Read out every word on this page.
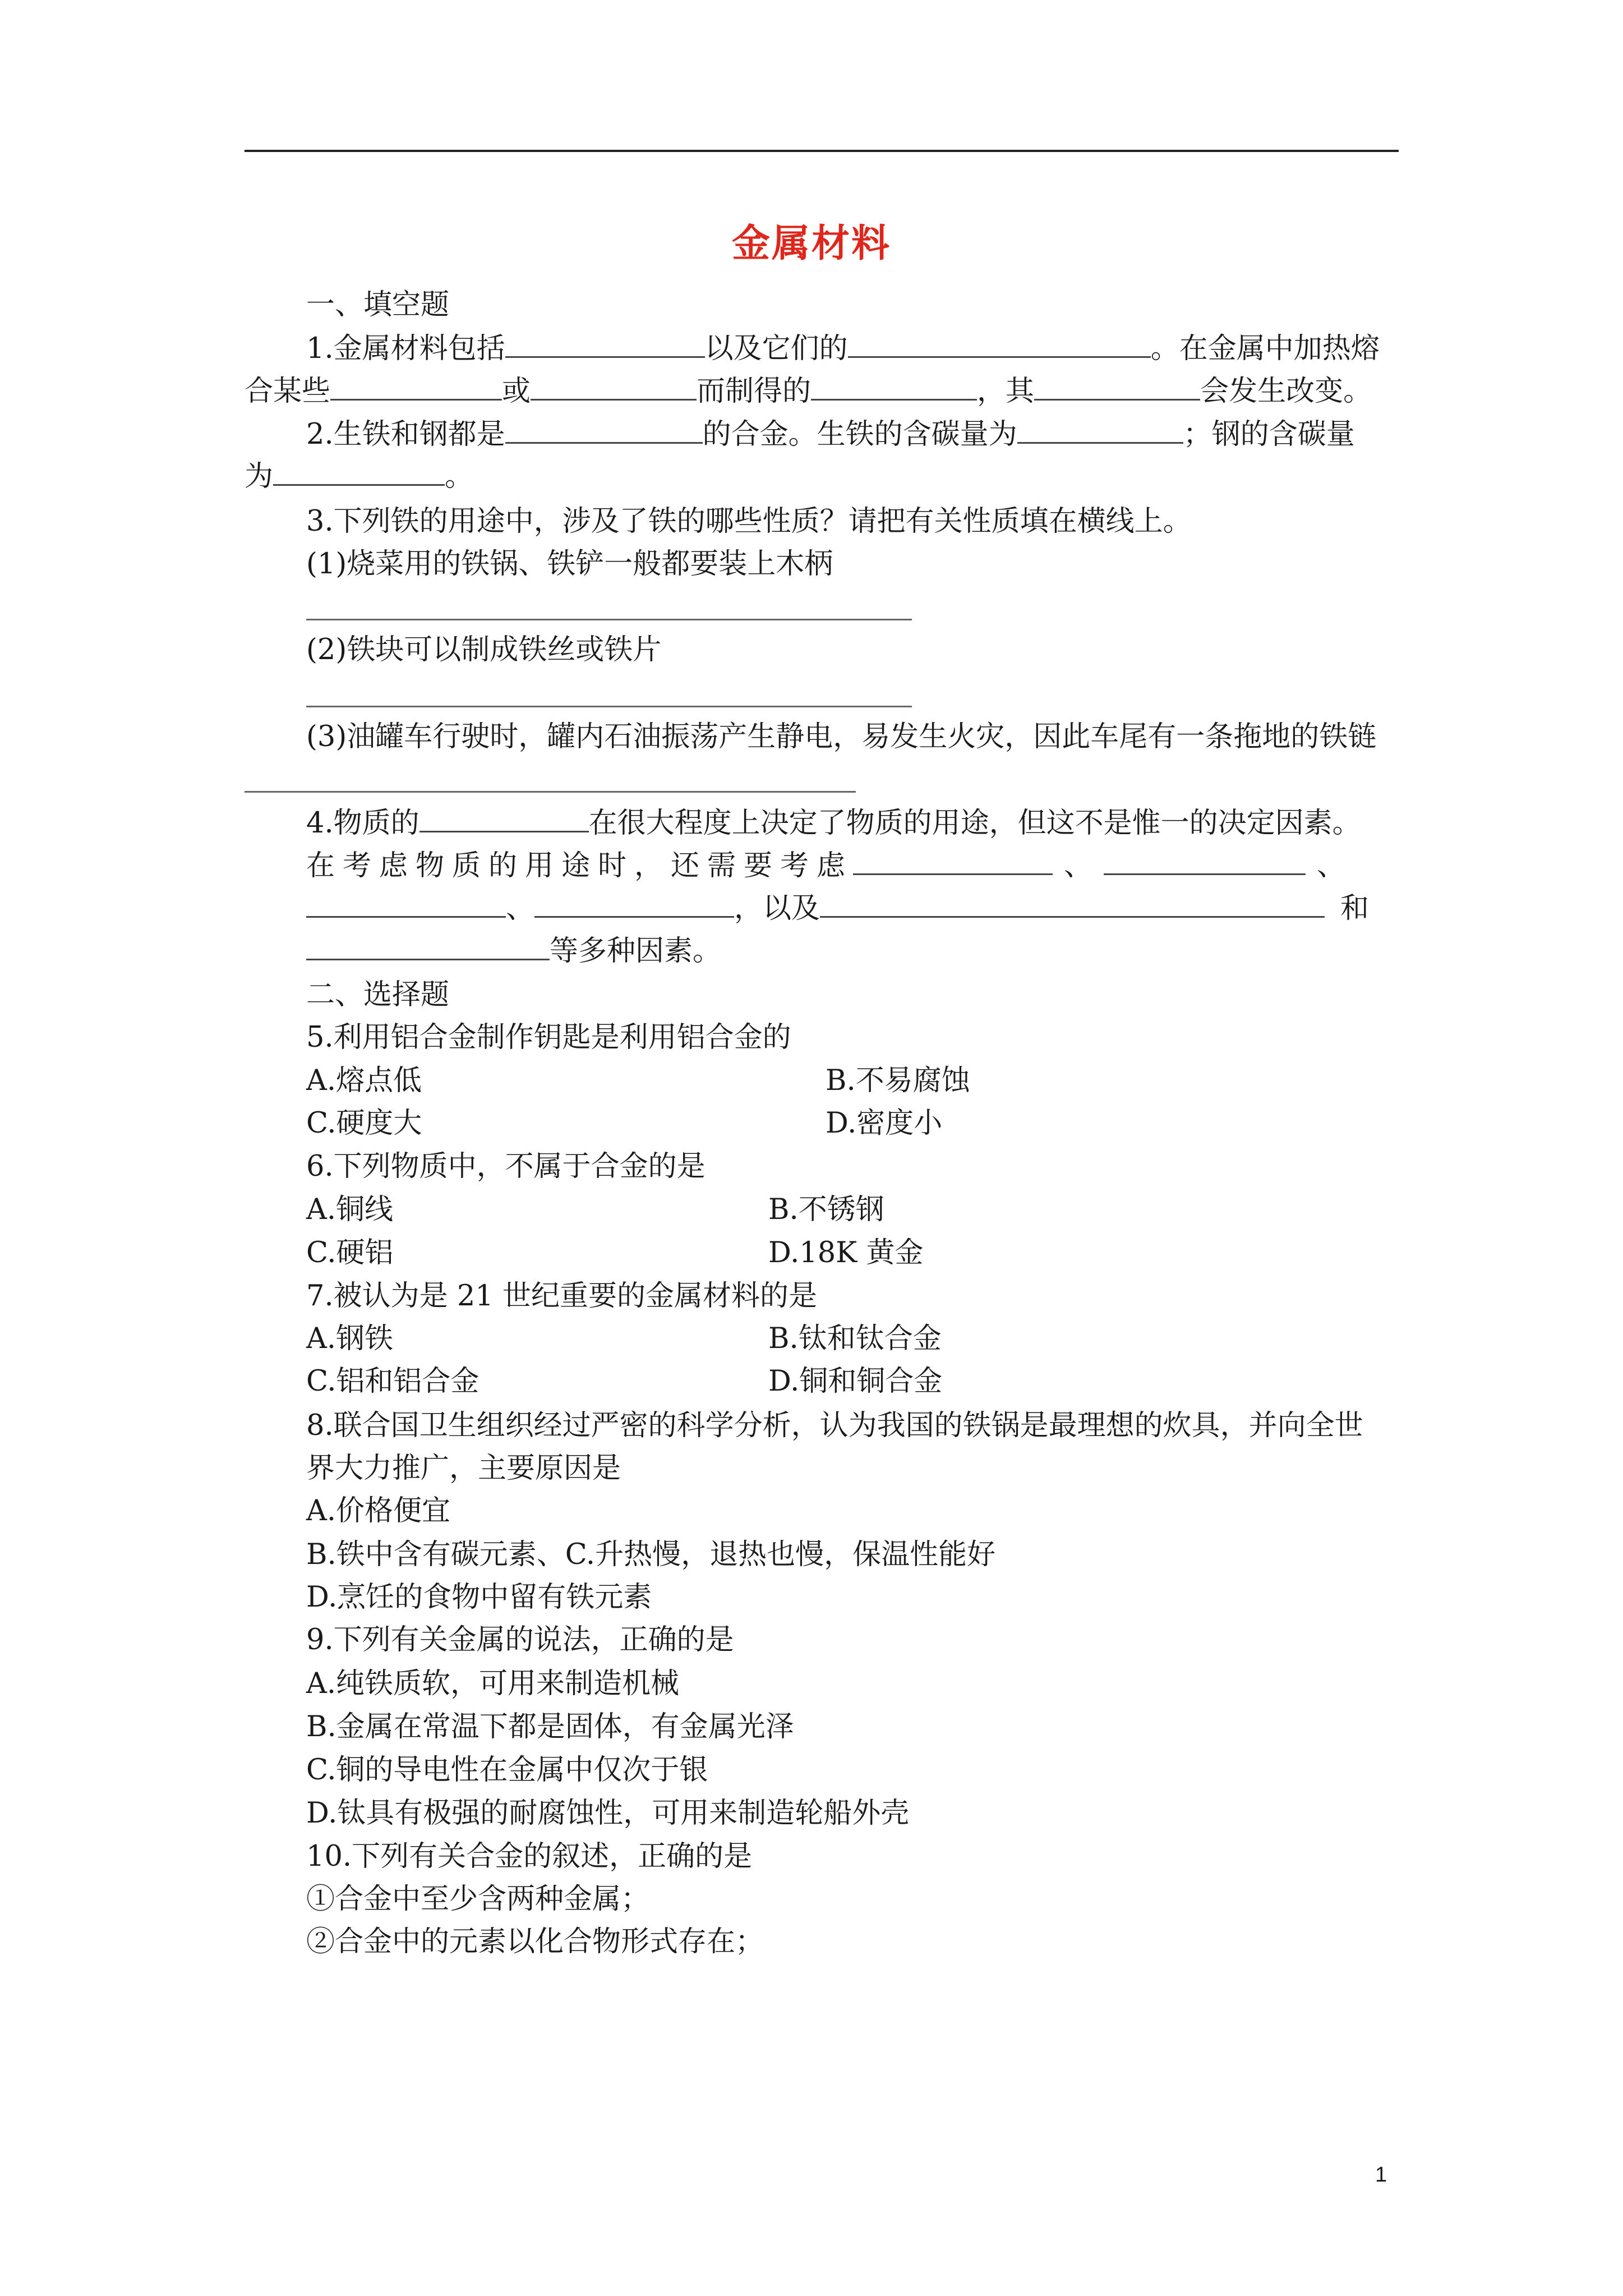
金属材料
一、填空题
1.金属材料包括	以及它们的	。在金属中加热熔
合某些	或	而制得的	，其	会发生改变。
2.生铁和钢都是	的合金。生铁的含碳量为	；钢的含碳量
为	。
3.下列铁的用途中，涉及了铁的哪些性质？请把有关性质填在横线上。
(1)烧菜用的铁锅、铁铲一般都要装上木柄
(2)铁块可以制成铁丝或铁片
(3)油罐车行驶时，罐内石油振荡产生静电，易发生火灾，因此车尾有一条拖地的铁链
4.物质的	在很大程度上决定了物质的用途，但这不是惟一的决定因素。
在考虑物质的用途时，还需要考虑	、	、
、	，以及	和
等多种因素。
二、选择题
5.利用铝合金制作钥匙是利用铝合金的
A.熔点低	B.不易腐蚀
C.硬度大	D.密度小
6.下列物质中，不属于合金的是
A.铜线	B.不锈钢
C.硬铝	D.18K 黄金
7.被认为是 21 世纪重要的金属材料的是
A.钢铁	B.钛和钛合金
C.铝和铝合金	D.铜和铜合金
8.联合国卫生组织经过严密的科学分析，认为我国的铁锅是最理想的炊具，并向全世
界大力推广，主要原因是
A.价格便宜
B.铁中含有碳元素、C.升热慢，退热也慢，保温性能好
D.烹饪的食物中留有铁元素
9.下列有关金属的说法，正确的是
A.纯铁质软，可用来制造机械
B.金属在常温下都是固体，有金属光泽
C.铜的导电性在金属中仅次于银
D.钛具有极强的耐腐蚀性，可用来制造轮船外壳
10.下列有关合金的叙述，正确的是
①合金中至少含两种金属；
②合金中的元素以化合物形式存在；
1
